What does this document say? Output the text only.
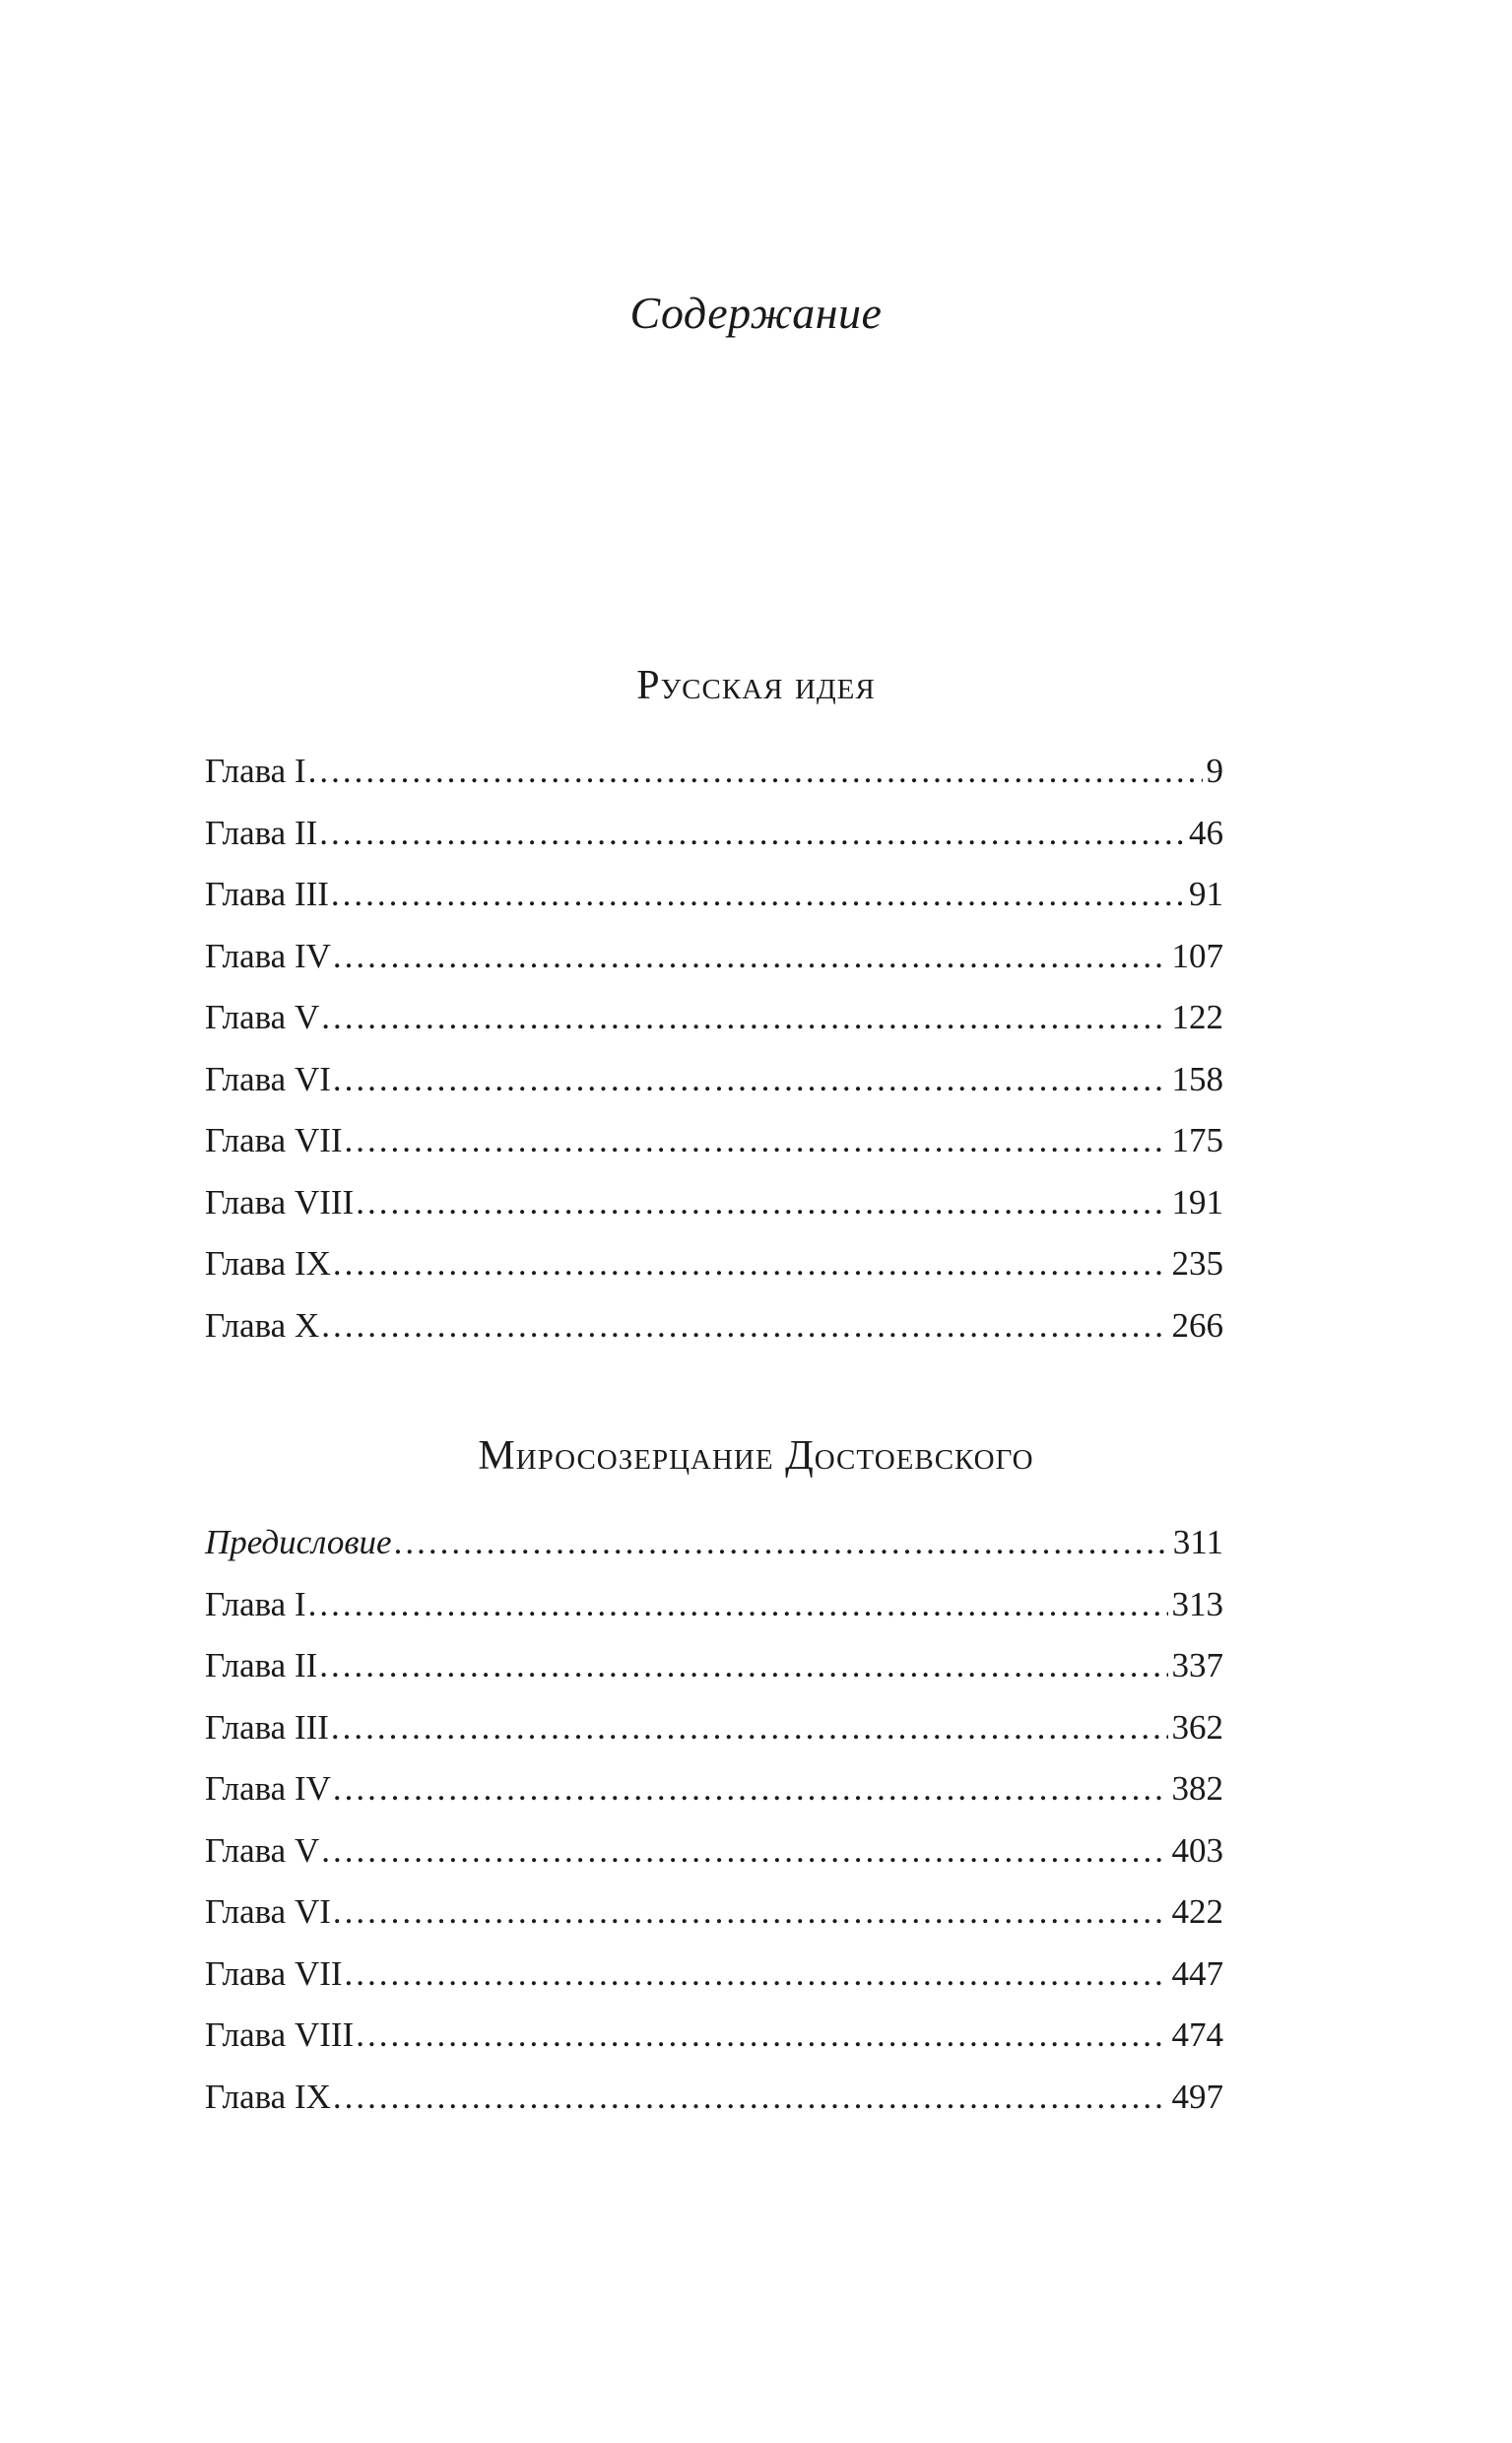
Содержание
Русская идея
Глава I .....	9
Глава II .....	46
Глава III .....	91
Глава IV .....	107
Глава V .....	122
Глава VI .....	158
Глава VII .....	175
Глава VIII .....	191
Глава IX .....	235
Глава X .....	266
Миросозерцание Достоевского
Предисловие .....	311
Глава I .....	313
Глава II .....	337
Глава III .....	362
Глава IV .....	382
Глава V .....	403
Глава VI .....	422
Глава VII .....	447
Глава VIII .....	474
Глава IX .....	497
